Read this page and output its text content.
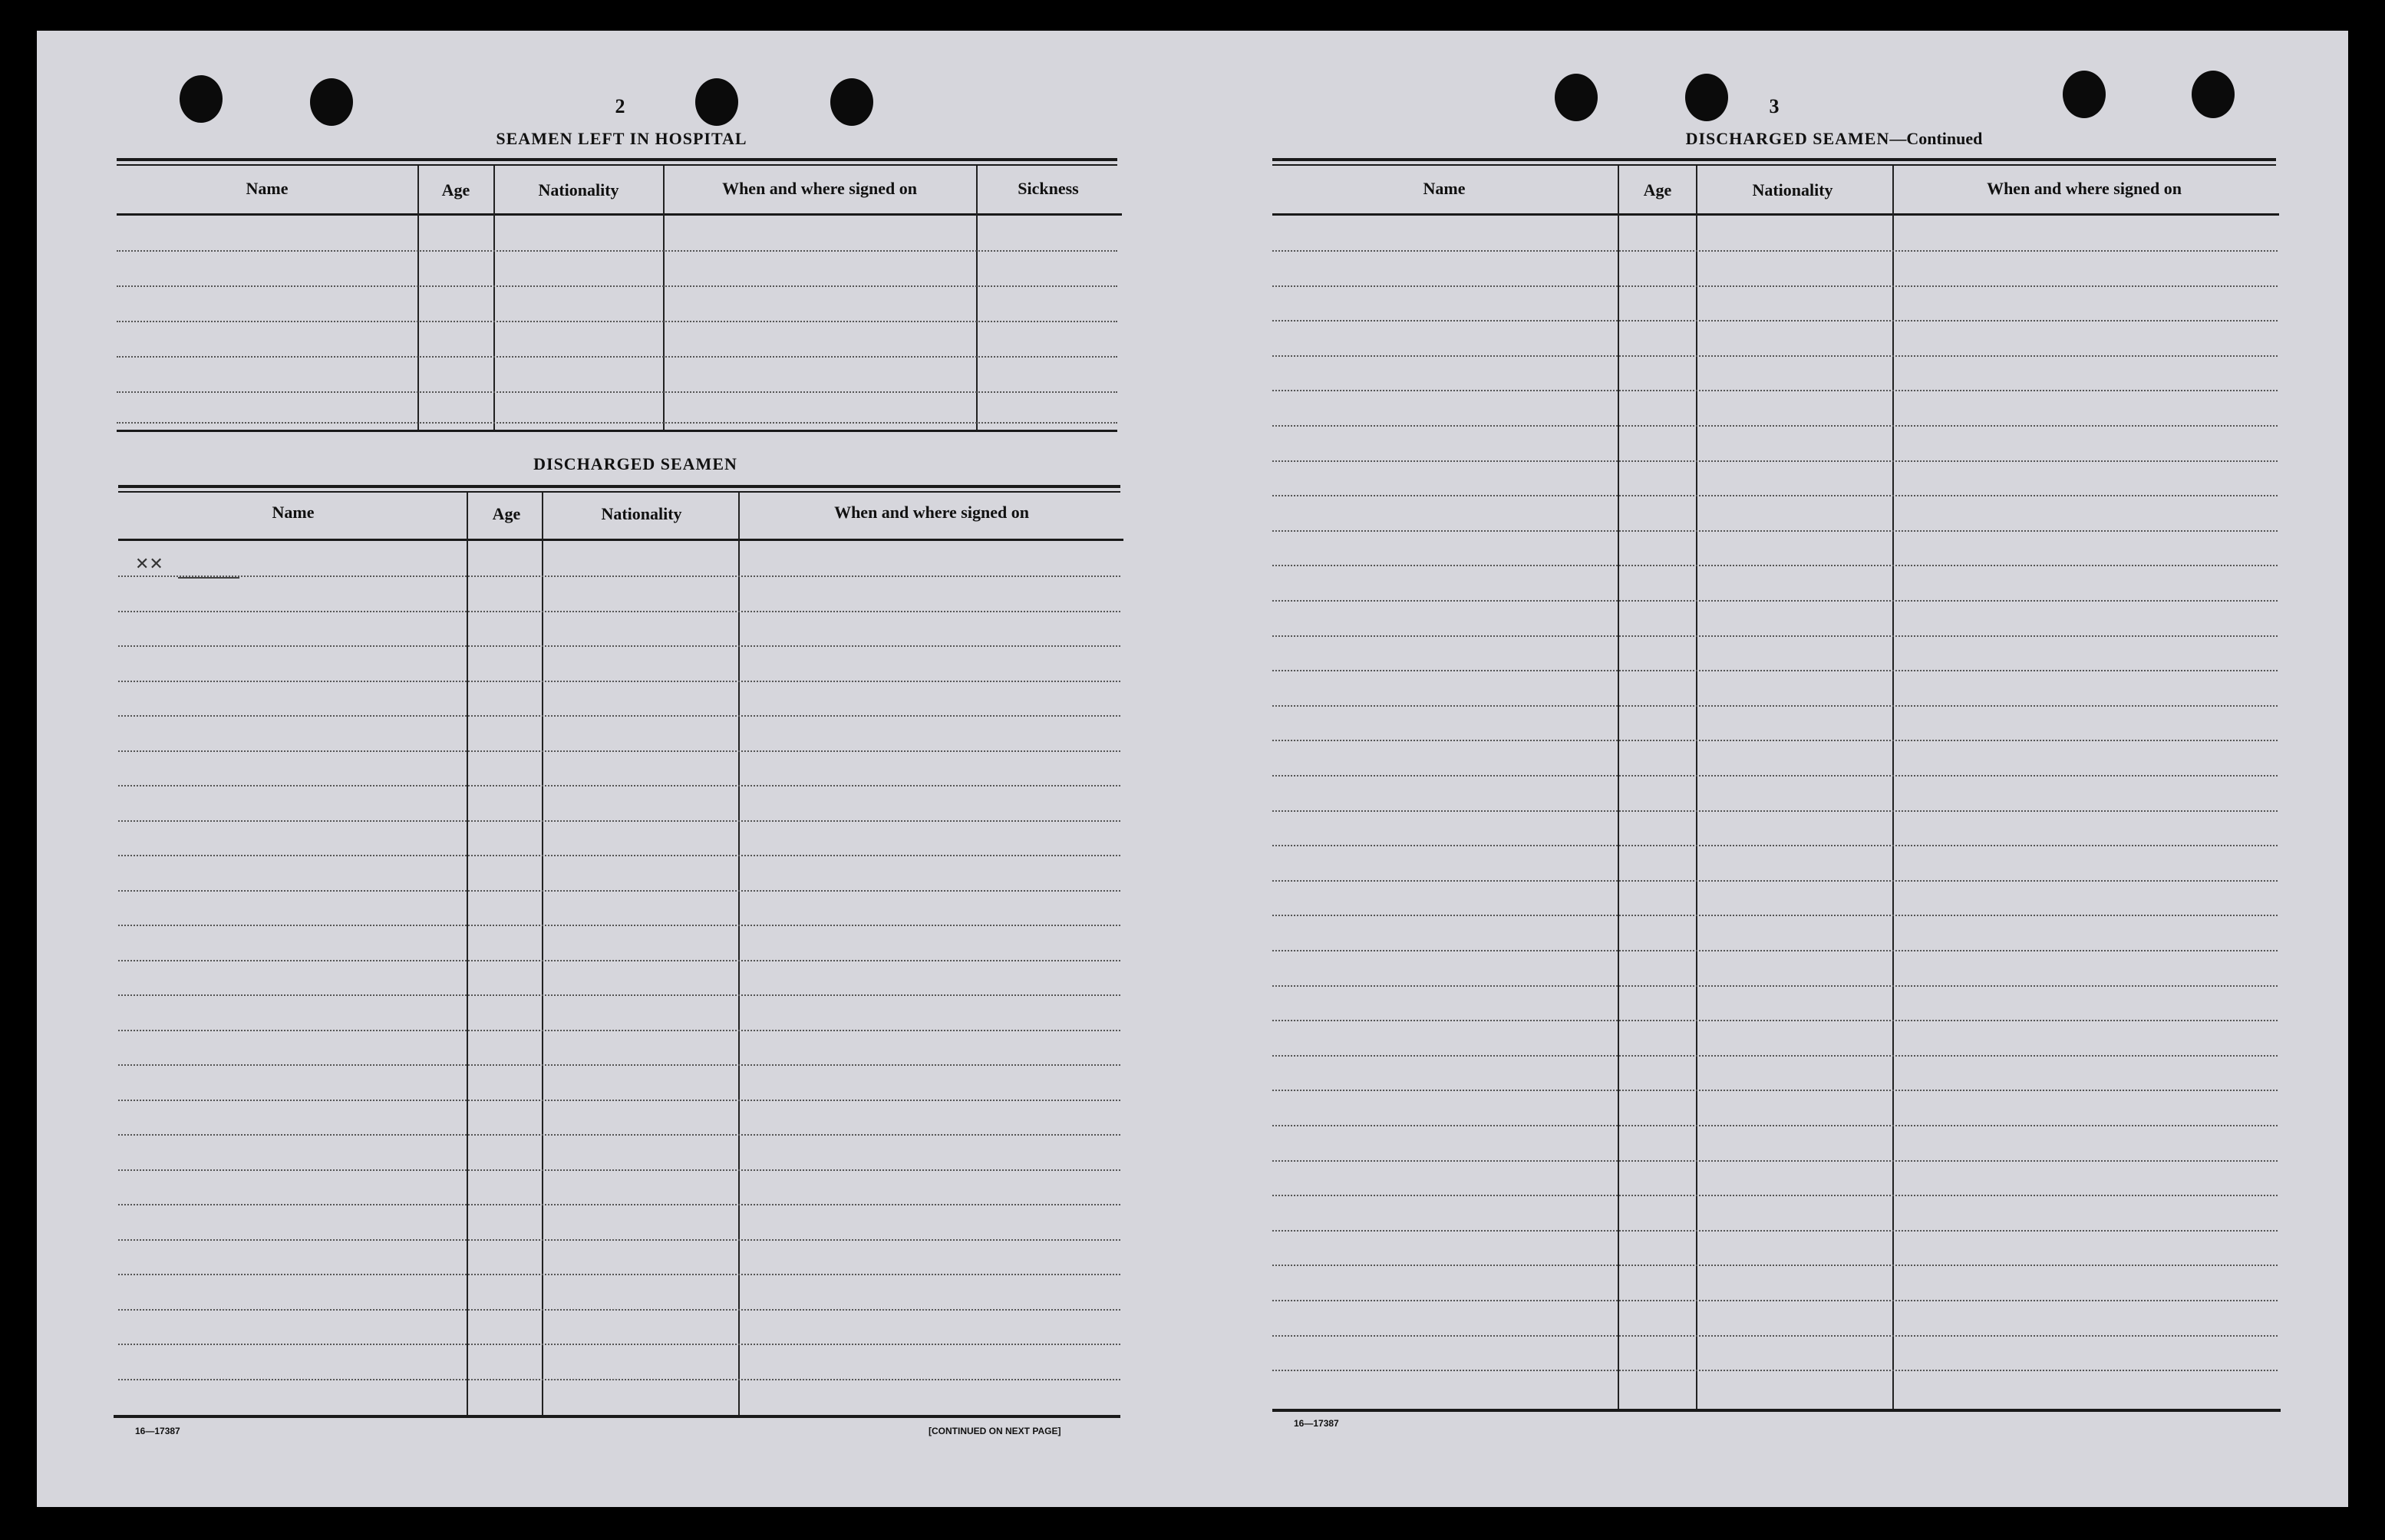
2
SEAMEN LEFT IN HOSPITAL
Name	Age	Nationality	When and where signed on	Sickness
DISCHARGED SEAMEN
Name	Age	Nationality	When and where signed on
✕✕
16—17387	[CONTINUED ON NEXT PAGE]
3
DISCHARGED SEAMEN—Continued
Name	Age	Nationality	When and where signed on
16—17387
